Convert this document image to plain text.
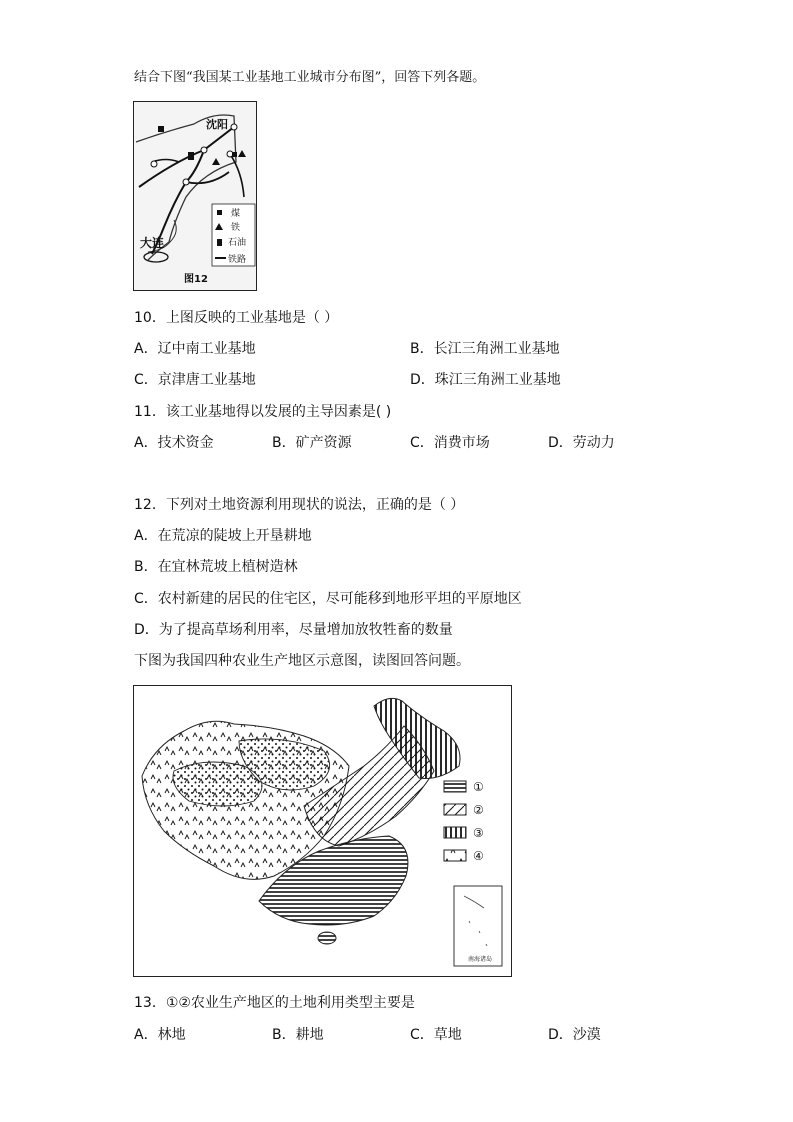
结合下图“我国某工业基地工业城市分布图”，回答下列各题。
沈阳
大连
煤
铁
石油
铁路
图12
10．上图反映的工业基地是（ ）
A．辽中南工业基地	B．长江三角洲工业基地
C．京津唐工业基地	D．珠江三角洲工业基地
11．该工业基地得以发展的主导因素是( )
A．技术资金	B．矿产资源	C．消费市场	D．劳动力
12．下列对土地资源利用现状的说法，正确的是（ ）
A．在荒凉的陡坡上开垦耕地
B．在宜林荒坡上植树造林
C．农村新建的居民的住宅区，尽可能移到地形平坦的平原地区
D．为了提高草场利用率，尽量增加放牧牲畜的数量
下图为我国四种农业生产地区示意图，读图回答问题。
①
②
③
④
南海诸岛
13．①②农业生产地区的土地利用类型主要是
A．林地	B．耕地	C．草地	D．沙漠
